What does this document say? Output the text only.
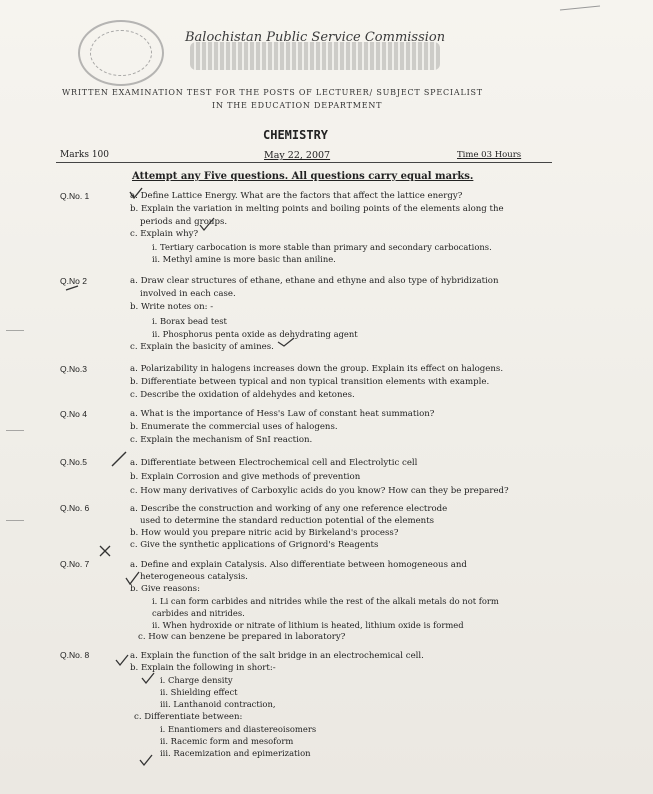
Balochistan Public Service Commission
WRITTEN EXAMINATION TEST FOR THE POSTS OF LECTURER/ SUBJECT SPECIALIST
IN THE EDUCATION DEPARTMENT
CHEMISTRY
Marks 100	May 22, 2007	Time 03 Hours
Attempt any Five questions. All questions carry equal marks.
Q.No. 1	a. Define Lattice Energy. What are the factors that affect the lattice energy?
b. Explain the variation in melting points and boiling points of the elements along the
periods and groups.
c. Explain why?
i. Tertiary carbocation is more stable than primary and secondary carbocations.
ii. Methyl amine is more basic than aniline.
Q.No 2	a. Draw clear structures of ethane, ethane and ethyne and also type of hybridization
involved in each case.
b. Write notes on: -
i. Borax bead test
ii. Phosphorus penta oxide as dehydrating agent
c. Explain the basicity of amines.
Q.No.3	a. Polarizability in halogens increases down the group. Explain its effect on halogens.
b. Differentiate between typical and non typical transition elements with example.
c. Describe the oxidation of aldehydes and ketones.
Q.No 4	a. What is the importance of Hess's Law of constant heat summation?
b. Enumerate the commercial uses of halogens.
c. Explain the mechanism of SnI reaction.
Q.No.5	a. Differentiate between Electrochemical cell and Electrolytic cell
b. Explain Corrosion and give methods of prevention
c. How many derivatives of Carboxylic acids do you know? How can they be prepared?
Q.No. 6	a. Describe the construction and working of any one reference electrode
used to determine the standard reduction potential of the elements
b. How would you prepare nitric acid by Birkeland's process?
c. Give the synthetic applications of Grignord's Reagents
Q.No. 7	a. Define and explain Catalysis. Also differentiate between homogeneous and
heterogeneous catalysis.
b. Give reasons:
i. Li can form carbides and nitrides while the rest of the alkali metals do not form
carbides and nitrides.
ii. When hydroxide or nitrate of lithium is heated, lithium oxide is formed
c. How can benzene be prepared in laboratory?
Q.No. 8	a. Explain the function of the salt bridge in an electrochemical cell.
b. Explain the following in short:-
i. Charge density
ii. Shielding effect
iii. Lanthanoid contraction,
c. Differentiate between:
i. Enantiomers and diastereoisomers
ii. Racemic form and mesoform
iii. Racemization and epimerization
